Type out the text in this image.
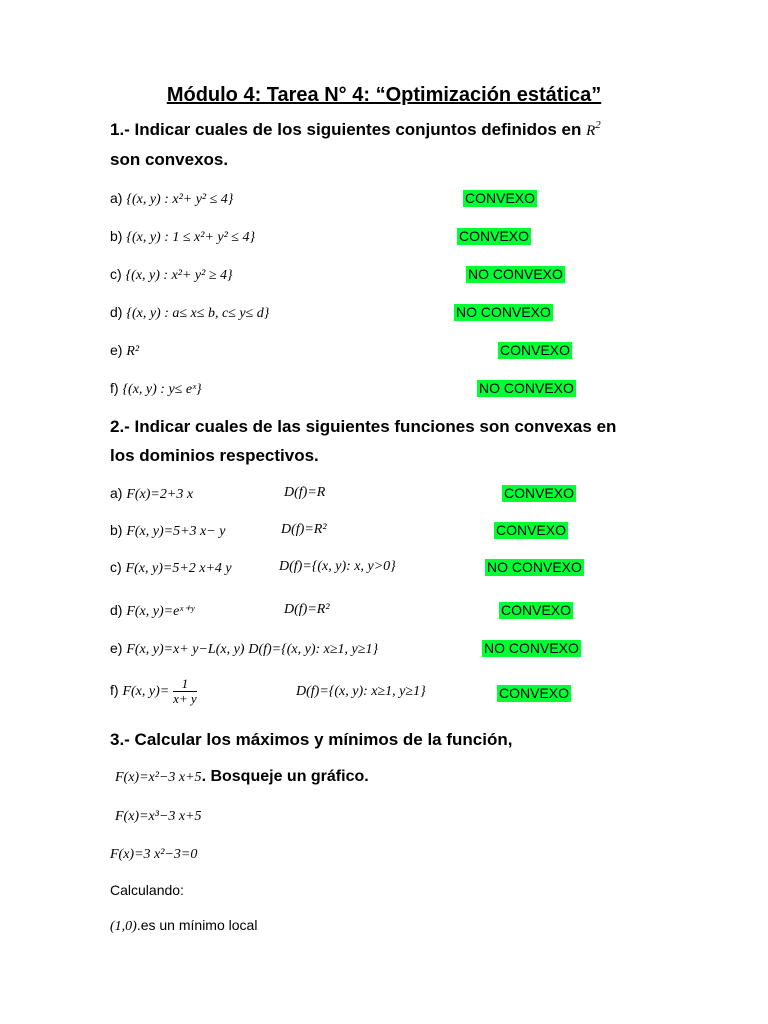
Módulo 4: Tarea N° 4: “Optimización estática”
1.- Indicar cuales de los siguientes conjuntos definidos en $R^2$
son convexos.
a) {(x, y) : x²+ y² ≤ 4}	CONVEXO
b) {(x, y) : 1 ≤ x²+ y² ≤ 4}	CONVEXO
c) {(x, y) : x²+ y² ≥ 4}	NO CONVEXO
d) {(x, y) : a≤ x≤ b, c≤ y≤ d}	NO CONVEXO
e) R²	CONVEXO
f) {(x, y) : y≤ eˣ}	NO CONVEXO
2.- Indicar cuales de las siguientes funciones son convexas en
los dominios respectivos.
a) F(x)=2+3 x	D(f)=R	CONVEXO
b) F(x, y)=5+3 x− y	D(f)=R²	CONVEXO
c) F(x, y)=5+2 x+4 y	D(f)={(x, y): x, y>0}	NO CONVEXO
d) F(x, y)=eˣ⁺ʸ	D(f)=R²	CONVEXO
e) F(x, y)=x+ y−L(x, y) D(f)={(x, y): x≥1, y≥1}	NO CONVEXO
f) F(x, $y)= \frac{1}{x+ y}$	D(f)={(x, y): x≥1, y≥1}	CONVEXO
3.- Calcular los máximos y mínimos de la función,
F(x)=x²−3 x+5. Bosqueje un gráfico.
F(x)=x³−3 x+5
F(x)=3 x²−3=0
Calculando:
(1,0).es un mínimo local
